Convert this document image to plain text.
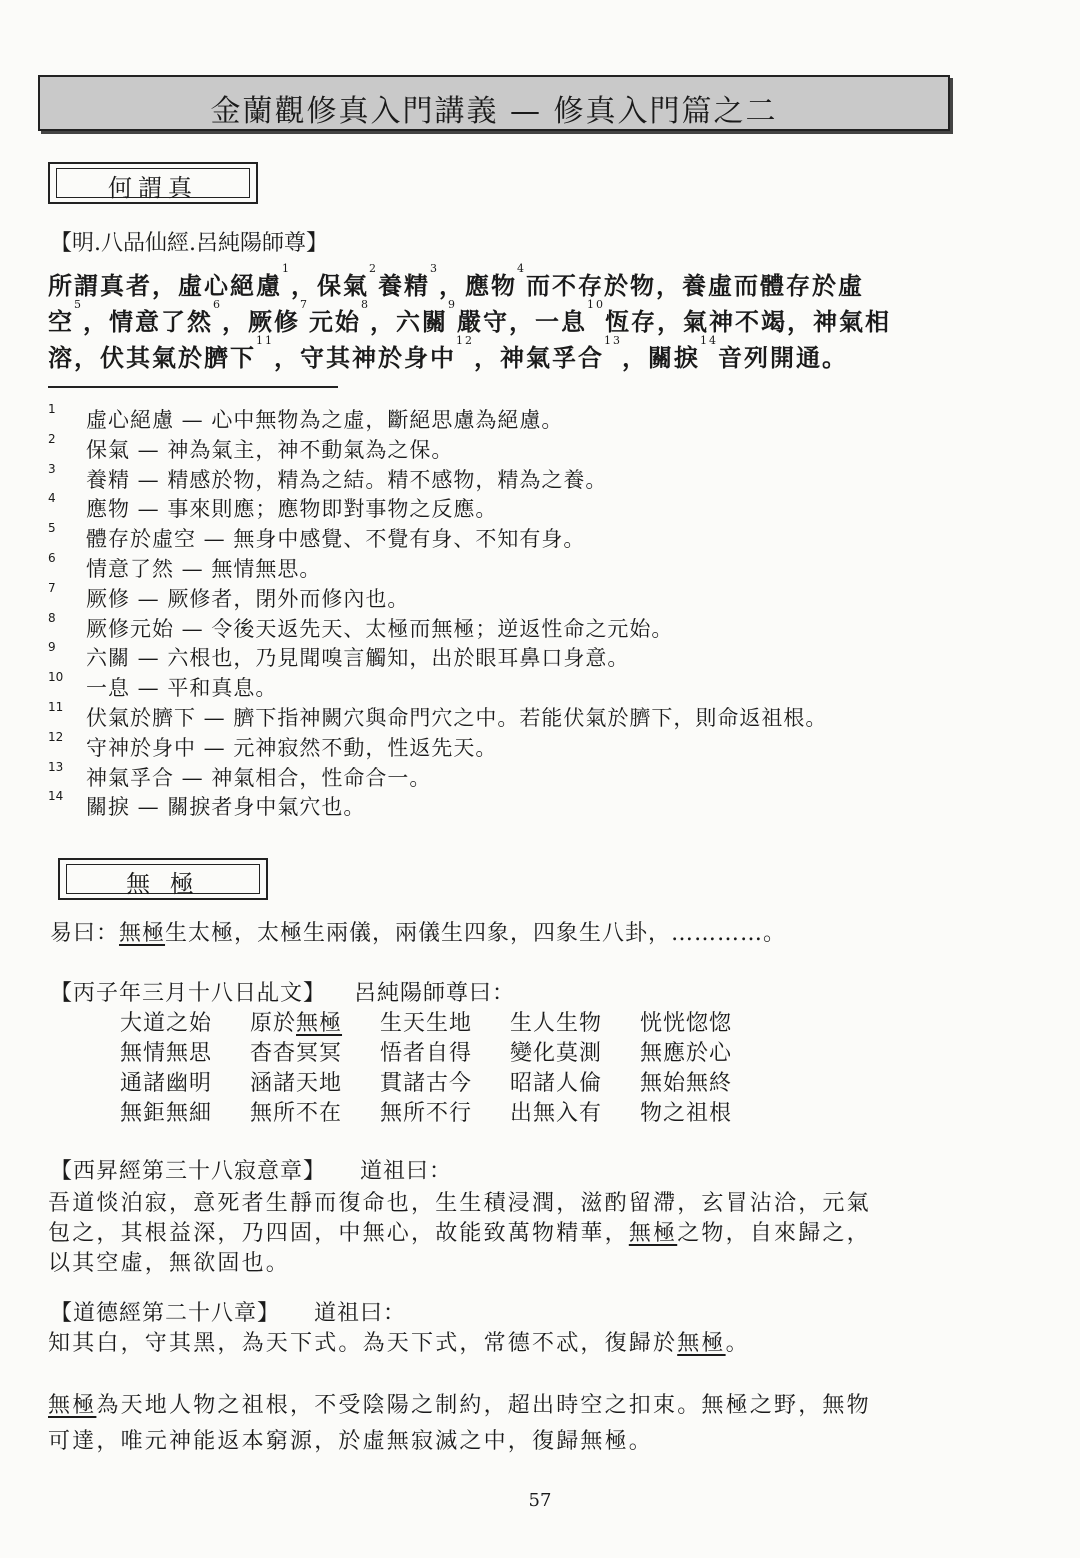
金蘭觀修真入門講義 — 修真入門篇之二
何謂真
【明.八品仙經.呂純陽師尊】
所謂真者，虛心絕慮$^1$，保氣$^2$養精$^3$，應物$^4$而不存於物，養虛而體存於虛
空$^5$，情意了然$^6$，厥修$^7$元始$^8$，六關$^9$嚴守，一息$^{10}$恆存，氣神不竭，神氣相
溶，伏其氣於臍下$^{11}$，守其神於身中$^{12}$，神氣孚合$^{13}$，關捩$^{14}$音列開通。
1 虛心絕慮 — 心中無物為之虛，斷絕思慮為絕慮。
2 保氣 — 神為氣主，神不動氣為之保。
3 養精 — 精感於物，精為之結。精不感物，精為之養。
4 應物 — 事來則應；應物即對事物之反應。
5 體存於虛空 — 無身中感覺、不覺有身、不知有身。
6 情意了然 — 無情無思。
7 厥修 — 厥修者，閉外而修內也。
8 厥修元始 — 令後天返先天、太極而無極；逆返性命之元始。
9 六關 — 六根也，乃見聞嗅言觸知，出於眼耳鼻口身意。
10 一息 — 平和真息。
11 伏氣於臍下 — 臍下指神闕穴與命門穴之中。若能伏氣於臍下，則命返祖根。
12 守神於身中 — 元神寂然不動，性返先天。
13 神氣孚合 — 神氣相合，性命合一。
14 關捩 — 關捩者身中氣穴也。
無 極
易曰：無極生太極，太極生兩儀，兩儀生四象，四象生八卦，…………。
【丙子年三月十八日乩文】 呂純陽師尊曰：
大道之始 原於無極 生天生地 生人生物 恍恍惚惚
無情無思 杳杳冥冥 悟者自得 變化莫測 無應於心
通諸幽明 涵諸天地 貫諸古今 昭諸人倫 無始無終
無鉅無細 無所不在 無所不行 出無入有 物之祖根
【西昇經第三十八寂意章】 道祖曰：
吾道惔泊寂，意死者生靜而復命也，生生積浸潤，滋酌留滯，玄冒沾洽，元氣
包之，其根益深，乃四固，中無心，故能致萬物精華，無極之物，自來歸之，
以其空虛，無欲固也。
【道德經第二十八章】 道祖曰：
知其白，守其黑，為天下式。為天下式，常德不忒，復歸於無極。
無極為天地人物之祖根，不受陰陽之制約，超出時空之扣束。無極之野，無物
可達，唯元神能返本窮源，於虛無寂滅之中，復歸無極。
57
